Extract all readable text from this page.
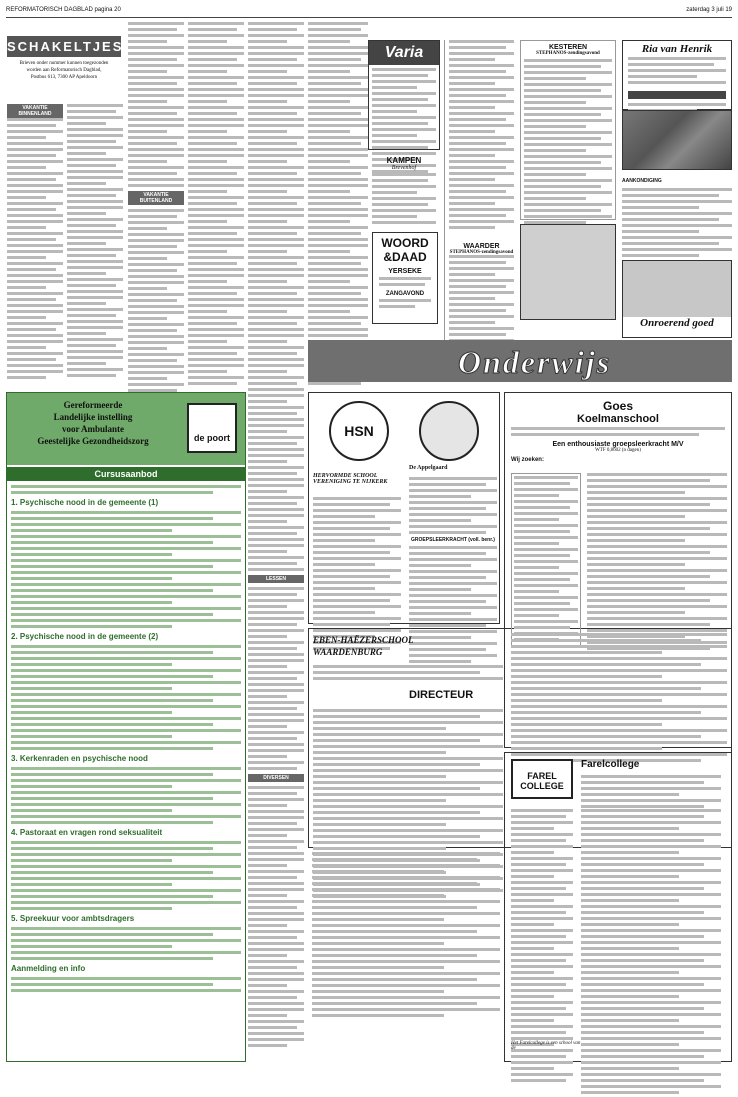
REFORMATORISCH DAGBLAD pagina 20	zaterdag 3 juli 19
SCHAKELTJES
Brieven onder nummer kunnen toegezonden
worden aan Reformatorisch Dagblad,
Postbus 613, 7300 AP Apeldoorn
VAKANTIE BINNENLAND
VAKANTIE BUITENLAND
LESSEN
DIVERSEN
Varia
KAMPEN
Brevenhof
WOORD
&DAAD
YERSEKE
ZANGAVOND
WAARDER
STEPHANOS-zendingsavond
KESTEREN
STEPHANOS-zendingsavond	Ria van Henrik
AANKONDIGING
Onroerend goed
Onderwijs
Gereformeerde
Landelijke instelling
voor Ambulante
Geestelijke Gezondheidszorg	de poort
Cursusaanbod
1. Psychische nood in de gemeente (1)
2. Psychische nood in de gemeente (2)
3. Kerkenraden en psychische nood
4. Pastoraat en vragen rond seksualiteit
5. Spreekuur voor ambtsdragers
Aanmelding en info
HSN
HERVORMDE SCHOOL VERENIGING TE NIJKERK
De Appelgaard
GROEPSLEERKRACHT (voll. benr.)
EBEN-HAËZERSCHOOL
WAARDENBURG
DIRECTEUR
Goes
Koelmanschool
Een enthousiaste groepsleerkracht M/V
WTF 0,8602 (n dagen)
Wij zoeken:
FAREL COLLEGE
Farelcollege
Het Farelcollege is een school van de
